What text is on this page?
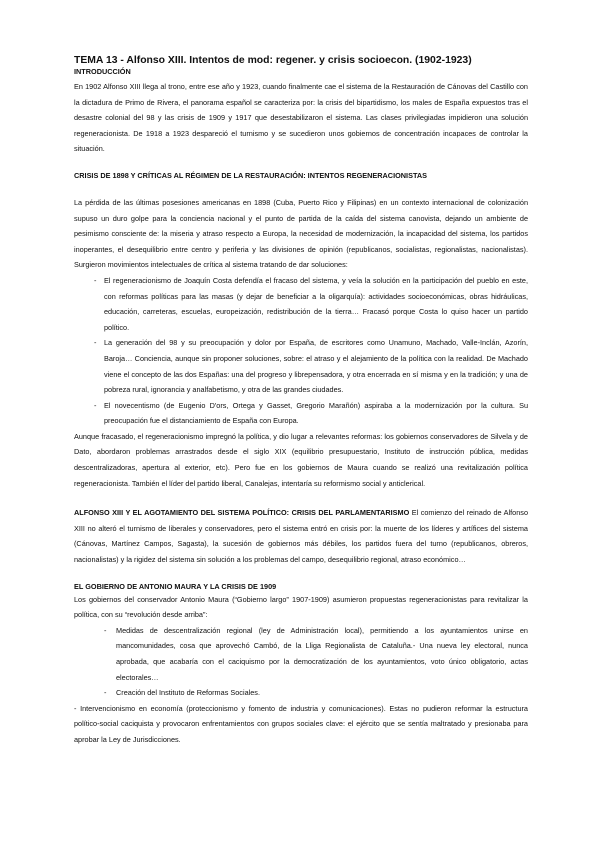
TEMA 13 - Alfonso XIII. Intentos de mod: regener. y crisis socioecon. (1902-1923)
INTRODUCCIÓN

En 1902 Alfonso XIII llega al trono, entre ese año y 1923, cuando finalmente cae el sistema de la Restauración de Cánovas del Castillo con la dictadura de Primo de Rivera, el panorama español se caracteriza por: la crisis del bipartidismo, los males de España expuestos tras el desastre colonial del 98 y las crisis de 1909 y 1917 que desestabilizaron el sistema. Las clases privilegiadas impidieron una solución regeneracionista. De 1918 a 1923 despareció el turnismo y se sucedieron unos gobiernos de concentración incapaces de controlar la situación.

CRISIS DE 1898 Y CRÍTICAS AL RÉGIMEN DE LA RESTAURACIÓN: INTENTOS REGENERACIONISTAS

La pérdida de las últimas posesiones americanas en 1898 (Cuba, Puerto Rico y Filipinas) en un contexto internacional de colonización supuso un duro golpe para la conciencia nacional y el punto de partida de la caída del sistema canovista, dejando un ambiente de pesimismo consciente de: la miseria y atraso respecto a Europa, la necesidad de modernización, la incapacidad del sistema, los partidos inoperantes, el desequilibrio entre centro y periferia y las divisiones de opinión (republicanos, socialistas, regionalistas, nacionalistas). Surgieron movimientos intelectuales de crítica al sistema tratando de dar soluciones:

- El regeneracionismo de Joaquín Costa defendía el fracaso del sistema, y veía la solución en la participación del pueblo en este, con reformas políticas para las masas (y dejar de beneficiar a la oligarquía): actividades socioeconómicas, obras hidráulicas, educación, carreteras, escuelas, europeización, redistribución de la tierra… Fracasó porque Costa lo quiso hacer un partido político.
- La generación del 98 y su preocupación y dolor por España, de escritores como Unamuno, Machado, Valle-Inclán, Azorín, Baroja… Conciencia, aunque sin proponer soluciones, sobre: el atraso y el alejamiento de la política con la realidad. De Machado viene el concepto de las dos Españas: una del progreso y librepensadora, y otra encerrada en sí misma y en la tradición; y una de pobreza rural, ignorancia y analfabetismo, y otra de las grandes ciudades.
- El novecentismo (de Eugenio D'ors, Ortega y Gasset, Gregorio Marañón) aspiraba a la modernización por la cultura. Su preocupación fue el distanciamiento de España con Europa.

Aunque fracasado, el regeneracionismo impregnó la política, y dio lugar a relevantes reformas: los gobiernos conservadores de Silvela y de Dato, abordaron problemas arrastrados desde el siglo XIX (equilibrio presupuestario, Instituto de instrucción pública, medidas descentralizadoras, apertura al exterior, etc). Pero fue en los gobiernos de Maura cuando se realizó una revitalización política regeneracionista. También el líder del partido liberal, Canalejas, intentaría su reformismo social y anticlerical.

ALFONSO XIII Y EL AGOTAMIENTO DEL SISTEMA POLÍTICO: CRISIS DEL PARLAMENTARISMO El comienzo del reinado de Alfonso XIII no alteró el turnismo de liberales y conservadores, pero el sistema entró en crisis por: la muerte de los líderes y artífices del sistema (Cánovas, Martínez Campos, Sagasta), la sucesión de gobiernos más débiles, los partidos fuera del turno (republicanos, obreros, nacionalistas) y la rigidez del sistema sin solución a los problemas del campo, desequilibrio regional, atraso económico…

EL GOBIERNO DE ANTONIO MAURA Y LA CRISIS DE 1909

Los gobiernos del conservador Antonio Maura (“Gobierno largo” 1907-1909) asumieron propuestas regeneracionistas para revitalizar la política, con su “revolución desde arriba”:

- Medidas de descentralización regional (ley de Administración local), permitiendo a los ayuntamientos unirse en mancomunidades, cosa que aprovechó Cambó, de la Lliga Regionalista de Cataluña.- Una nueva ley electoral, nunca aprobada, que acabaría con el caciquismo por la democratización de los ayuntamientos, voto único obligatorio, actas electorales…
- Creación del Instituto de Reformas Sociales.

- Intervencionismo en economía (proteccionismo y fomento de industria y comunicaciones). Estas no pudieron reformar la estructura político-social caciquista y provocaron enfrentamientos con grupos sociales clave: el ejército que se sentía maltratado y presionaba para aprobar la Ley de Jurisdicciones.
